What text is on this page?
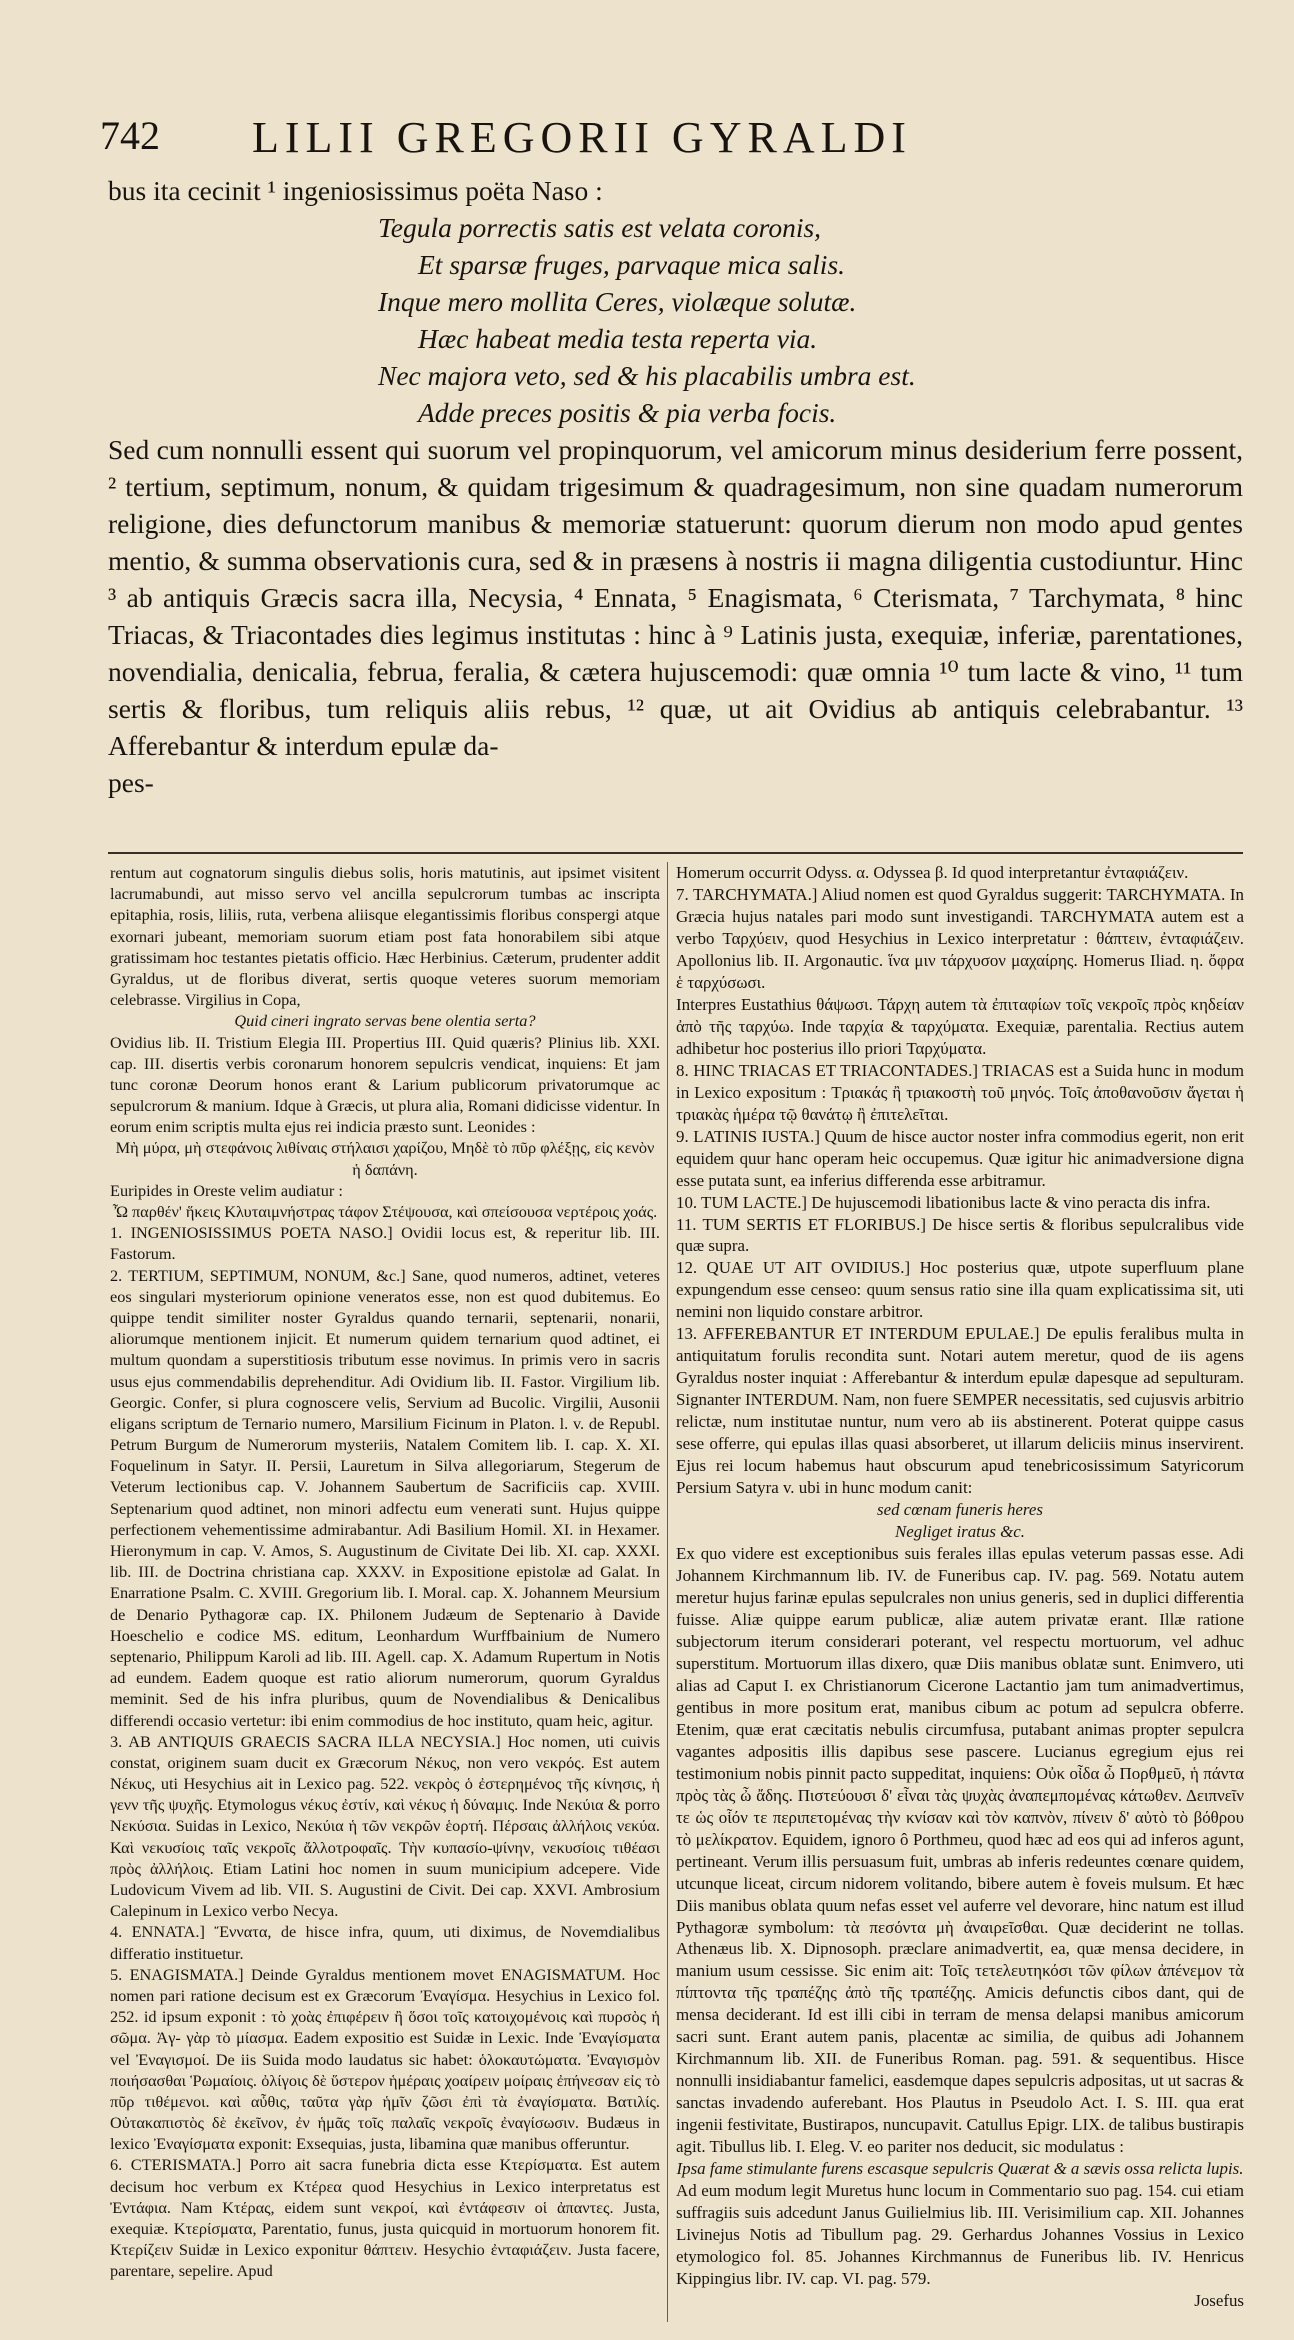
742 LILII GREGORII GYRALDI

bus ita cecinit ¹ ingeniosissimus poëta Naso :

Tegula porrectis satis est velata coronis,
Et sparsæ fruges, parvaque mica salis.
Inque mero mollita Ceres, violæque solutæ.
Hæc habeat media testa reperta via.
Nec majora veto, sed & his placabilis umbra est.
Adde preces positis & pia verba focis.

Sed cum nonnulli essent qui suorum vel propinquorum, vel amicorum minus desiderium ferre possent, ² tertium, septimum, nonum, & quidam trigesimum & quadragesimum, non sine quadam numerorum religione, dies defunctorum manibus & memoriæ statuerunt: quorum dierum non modo apud gentes mentio, & summa observationis cura, sed & in præsens à nostris ii magna diligentia custodiuntur. Hinc ³ ab antiquis Græcis sacra illa, Necysia, ⁴ Ennata, ⁵ Enagismata, ⁶ Cterismata, ⁷ Tarchymata, ⁸ hinc Triacas, & Triacontades dies legimus institutas : hinc à ⁹ Latinis justa, exequiæ, inferiæ, parentationes, novendialia, denicalia, februa, feralia, & cætera hujuscemodi: quæ omnia ¹⁰ tum lacte & vino, ¹¹ tum sertis & floribus, tum reliquis aliis rebus, ¹² quæ, ut ait Ovidius ab antiquis celebrabantur. ¹³ Afferebantur & interdum epulæ da-

pes-

rentum aut cognatorum singulis diebus solis, horis matutinis, aut ipsimet visitent lacrumabundi, aut misso servo vel ancilla sepulcrorum tumbas ac inscripta epitaphia, rosis, liliis, ruta, verbena aliisque elegantissimis floribus conspergi atque exornari jubeant, memoriam suorum etiam post fata honorabilem sibi atque gratissimam hoc testantes pietatis officio. Hæc Herbinius. Cæterum, prudenter addit Gyraldus, ut de floribus diverat, sertis quoque veteres suorum memoriam celebrasse. Virgilius in Copa,

Quid cineri ingrato servas bene olentia serta?

Ovidius lib. II. Tristium Elegia III. Propertius III. Quid quæris? Plinius lib. XXI. cap. III. disertis verbis coronarum honorem sepulcris vendicat, inquiens: Et jam tunc coronæ Deorum honos erant & Larium publicorum privatorumque ac sepulcrorum & manium. Idque à Græcis, ut plura alia, Romani didicisse videntur. In eorum enim scriptis multa ejus rei indicia præsto sunt. Leonides :

Μὴ μύρα, μὴ στεφάνοις λιθίναις στήλαισι χαρίζου, Μηδὲ τὸ πῦρ φλέξῃς, εἰς κενὸν ἡ δαπάνη.

Euripides in Oreste velim audiatur :

Ὦ παρθέν' ἥκεις Κλυταιμνήστρας τάφον Στέψουσα, καὶ σπείσουσα νερτέροις χοάς.

1. INGENIOSISSIMUS POETA NASO.] Ovidii locus est, & reperitur lib. III. Fastorum.

2. TERTIUM, SEPTIMUM, NONUM, &c.] Sane, quod numeros, adtinet, veteres eos singulari mysteriorum opinione veneratos esse, non est quod dubitemus. Eo quippe tendit similiter noster Gyraldus quando ternarii, septenarii, nonarii, aliorumque mentionem injicit. Et numerum quidem ternarium quod adtinet, ei multum quondam a superstitiosis tributum esse novimus. In primis vero in sacris usus ejus commendabilis deprehenditur. Adi Ovidium lib. II. Fastor. Virgilium lib. Georgic. Confer, si plura cognoscere velis, Servium ad Bucolic. Virgilii, Ausonii eligans scriptum de Ternario numero, Marsilium Ficinum in Platon. l. v. de Republ. Petrum Burgum de Numerorum mysteriis, Natalem Comitem lib. I. cap. X. XI. Foquelinum in Satyr. II. Persii, Lauretum in Silva allegoriarum, Stegerum de Veterum lectionibus cap. V. Johannem Saubertum de Sacrificiis cap. XVIII. Septenarium quod adtinet, non minori adfectu eum venerati sunt. Hujus quippe perfectionem vehementissime admirabantur. Adi Basilium Homil. XI. in Hexamer. Hieronymum in cap. V. Amos, S. Augustinum de Civitate Dei lib. XI. cap. XXXI. lib. III. de Doctrina christiana cap. XXXV. in Expositione epistolæ ad Galat. In Enarratione Psalm. C. XVIII. Gregorium lib. I. Moral. cap. X. Johannem Meursium de Denario Pythagoræ cap. IX. Philonem Judæum de Septenario à Davide Hoeschelio e codice MS. editum, Leonhardum Wurffbainium de Numero septenario, Philippum Karoli ad lib. III. Agell. cap. X. Adamum Rupertum in Notis ad eundem. Eadem quoque est ratio aliorum numerorum, quorum Gyraldus meminit. Sed de his infra pluribus, quum de Novendialibus & Denicalibus differendi occasio vertetur: ibi enim commodius de hoc instituto, quam heic, agitur.

3. AB ANTIQUIS GRAECIS SACRA ILLA NECYSIA.] Hoc nomen, uti cuivis constat, originem suam ducit ex Græcorum Νέκυς, non vero νεκρός. Est autem Νέκυς, uti Hesychius ait in Lexico pag. 522. νεκρὸς ὁ ἐστερημένος τῆς κίνησις, ἡ γενν τῆς ψυχῆς. Etymologus νέκυς ἐστίν, καὶ νέκυς ἡ δύναμις. Inde Νεκύια & porro Νεκύσια. Suidas in Lexico, Νεκύια ἡ τῶν νεκρῶν ἑορτή. Πέρσαις ἀλλήλοις νεκύα. Καὶ νεκυσίοις ταῖς νεκροῖς ἄλλοτροφαῖς. Τὴν κυπασίο-ψίνην, νεκυσίοις τιθέασι πρὸς ἀλλήλοις. Etiam Latini hoc nomen in suum municipium adcepere. Vide Ludovicum Vivem ad lib. VII. S. Augustini de Civit. Dei cap. XXVI. Ambrosium Calepinum in Lexico verbo Necya.

4. ENNATA.] Ἔννατα, de hisce infra, quum, uti diximus, de Novemdialibus differatio instituetur.

5. ENAGISMATA.] Deinde Gyraldus mentionem movet ENAGISMATUM. Hoc nomen pari ratione decisum est ex Græcorum Ἐναγίσμα. Hesychius in Lexico fol. 252. id ipsum exponit : τὸ χοὰς ἐπιφέρειν ἢ ὅσοι τοῖς κατοιχομένοις καὶ πυρσὸς ἡ σῶμα. Ἀγ- γὰρ τὸ μίασμα. Eadem expositio est Suidæ in Lexic. Inde Ἐναγίσματα vel Ἐναγισμοί. De iis Suida modo laudatus sic habet: ὁλοκαυτώματα. Ἐναγισμὸν ποιήσασθαι Ῥωμαίοις. ὀλίγοις δὲ ὕστερον ἡμέραις χοαίρειν μοίραις ἐπήνεσαν εἰς τὸ πῦρ τιθέμενοι. καὶ αὖθις, ταῦτα γὰρ ἡμῖν ζῶσι ἐπὶ τὰ ἐναγίσματα. Βατιλίς. Οὐτακαπιστὸς δὲ ἐκεῖνον, ἐν ἡμᾶς τοῖς παλαῖς νεκροῖς ἐναγίσωσιν. Budæus in lexico Ἐναγίσματα exponit: Exsequias, justa, libamina quæ manibus offeruntur.

6. CTERISMATA.] Porro ait sacra funebria dicta esse Κτερίσματα. Est autem decisum hoc verbum ex Κτέρεα quod Hesychius in Lexico interpretatus est Ἐντάφια. Nam Κτέρας, eidem sunt νεκροί, καὶ ἐντάφεσιν οἱ ἀπαντες. Justa, exequiæ. Κτερίσματα, Parentatio, funus, justa quicquid in mortuorum honorem fit. Κτερίζειν Suidæ in Lexico exponitur θάπτειν. Hesychio ἐνταφιάζειν. Justa facere, parentare, sepelire. Apud

Homerum occurrit Odyss. α. Odyssea β. Id quod interpretantur ἐνταφιάζειν.

7. TARCHYMATA.] Aliud nomen est quod Gyraldus suggerit: TARCHYMATA. In Græcia hujus natales pari modo sunt investigandi. TARCHYMATA autem est a verbo Ταρχύειν, quod Hesychius in Lexico interpretatur : θάπτειν, ἐνταφιάζειν. Apollonius lib. II. Argonautic. ἵνα μιν τάρχυσον μαχαίρης. Homerus Iliad. η. ὄφρα ἑ ταρχύσωσι.

Interpres Eustathius θάψωσι. Τάρχη autem τὰ ἐπιταφίων τοῖς νεκροῖς πρὸς κηδείαν ἀπὸ τῆς ταρχύω. Inde ταρχία & ταρχύματα. Exequiæ, parentalia. Rectius autem adhibetur hoc posterius illo priori Ταρχύματα.

8. HINC TRIACAS ET TRIACONTADES.] TRIACAS est a Suida hunc in modum in Lexico expositum : Τριακάς ἢ τριακοστὴ τοῦ μηνός. Τοῖς ἀποθανοῦσιν ἄγεται ἡ τριακὰς ἡμέρα τῷ θανάτῳ ἢ ἐπιτελεῖται.

9. LATINIS IUSTA.] Quum de hisce auctor noster infra commodius egerit, non erit equidem quur hanc operam heic occupemus. Quæ igitur hic animadversione digna esse putata sunt, ea inferius differenda esse arbitramur.

10. TUM LACTE.] De hujuscemodi libationibus lacte & vino peracta dis infra.

11. TUM SERTIS ET FLORIBUS.] De hisce sertis & floribus sepulcralibus vide quæ supra.

12. QUAE UT AIT OVIDIUS.] Hoc posterius quæ, utpote superfluum plane expungendum esse censeo: quum sensus ratio sine illa quam explicatissima sit, uti nemini non liquido constare arbitror.

13. AFFEREBANTUR ET INTERDUM EPULAE.] De epulis feralibus multa in antiquitatum forulis recondita sunt. Notari autem meretur, quod de iis agens Gyraldus noster inquiat : Afferebantur & interdum epulæ dapesque ad sepulturam. Signanter INTERDUM. Nam, non fuere SEMPER necessitatis, sed cujusvis arbitrio relictæ, num institutae nuntur, num vero ab iis abstinerent. Poterat quippe casus sese offerre, qui epulas illas quasi absorberet, ut illarum deliciis minus inservirent. Ejus rei locum habemus haut obscurum apud tenebricosissimum Satyricorum Persium Satyra v. ubi in hunc modum canit:

sed cœnam funeris heres

Negliget iratus &c.

Ex quo videre est exceptionibus suis ferales illas epulas veterum passas esse. Adi Johannem Kirchmannum lib. IV. de Funeribus cap. IV. pag. 569. Notatu autem meretur hujus farinæ epulas sepulcrales non unius generis, sed in duplici differentia fuisse. Aliæ quippe earum publicæ, aliæ autem privatæ erant. Illæ ratione subjectorum iterum considerari poterant, vel respectu mortuorum, vel adhuc superstitum. Mortuorum illas dixero, quæ Diis manibus oblatæ sunt. Enimvero, uti alias ad Caput I. ex Christianorum Cicerone Lactantio jam tum animadvertimus, gentibus in more positum erat, manibus cibum ac potum ad sepulcra obferre. Etenim, quæ erat cæcitatis nebulis circumfusa, putabant animas propter sepulcra vagantes adpositis illis dapibus sese pascere. Lucianus egregium ejus rei testimonium nobis pinnit pacto suppeditat, inquiens: Οὐκ οἶδα ὦ Πορθμεῦ, ἡ πάντα πρὸς τὰς ὦ ἄδης. Πιστεύουσι δ' εἶναι τὰς ψυχὰς ἀναπεμπομένας κάτωθεν. Δειπνεῖν τε ὡς οἷόν τε περιπετομένας τὴν κνίσαν καὶ τὸν καπνὸν, πίνειν δ' αὐτὸ τὸ βόθρου τὸ μελίκρατον. Equidem, ignoro ô Porthmeu, quod hæc ad eos qui ad inferos agunt, pertineant. Verum illis persuasum fuit, umbras ab inferis redeuntes cœnare quidem, utcunque liceat, circum nidorem volitando, bibere autem è foveis mulsum. Et hæc Diis manibus oblata quum nefas esset vel auferre vel devorare, hinc natum est illud Pythagoræ symbolum: τὰ πεσόντα μὴ ἀναιρεῖσθαι. Quæ deciderint ne tollas. Athenæus lib. X. Dipnosoph. præclare animadvertit, ea, quæ mensa decidere, in manium usum cessisse. Sic enim ait: Τοῖς τετελευτηκόσι τῶν φίλων ἀπένεμον τὰ πίπτοντα τῆς τραπέζης ἀπὸ τῆς τραπέζης. Amicis defunctis cibos dant, qui de mensa deciderant. Id est illi cibi in terram de mensa delapsi manibus amicorum sacri sunt. Erant autem panis, placentæ ac similia, de quibus adi Johannem Kirchmannum lib. XII. de Funeribus Roman. pag. 591. & sequentibus. Hisce nonnulli insidiabantur famelici, easdemque dapes sepulcris adpositas, ut ut sacras & sanctas invadendo auferebant. Hos Plautus in Pseudolo Act. I. S. III. qua erat ingenii festivitate, Bustirapos, nuncupavit. Catullus Epigr. LIX. de talibus bustirapis agit. Tibullus lib. I. Eleg. V. eo pariter nos deducit, sic modulatus :

Ipsa fame stimulante furens escasque sepulcris Quærat & a sævis ossa relicta lupis.

Ad eum modum legit Muretus hunc locum in Commentario suo pag. 154. cui etiam suffragiis suis adcedunt Janus Guilielmius lib. III. Verisimilium cap. XII. Johannes Livinejus Notis ad Tibullum pag. 29. Gerhardus Johannes Vossius in Lexico etymologico fol. 85. Johannes Kirchmannus de Funeribus lib. IV. Henricus Kippingius libr. IV. cap. VI. pag. 579.

Josefus
